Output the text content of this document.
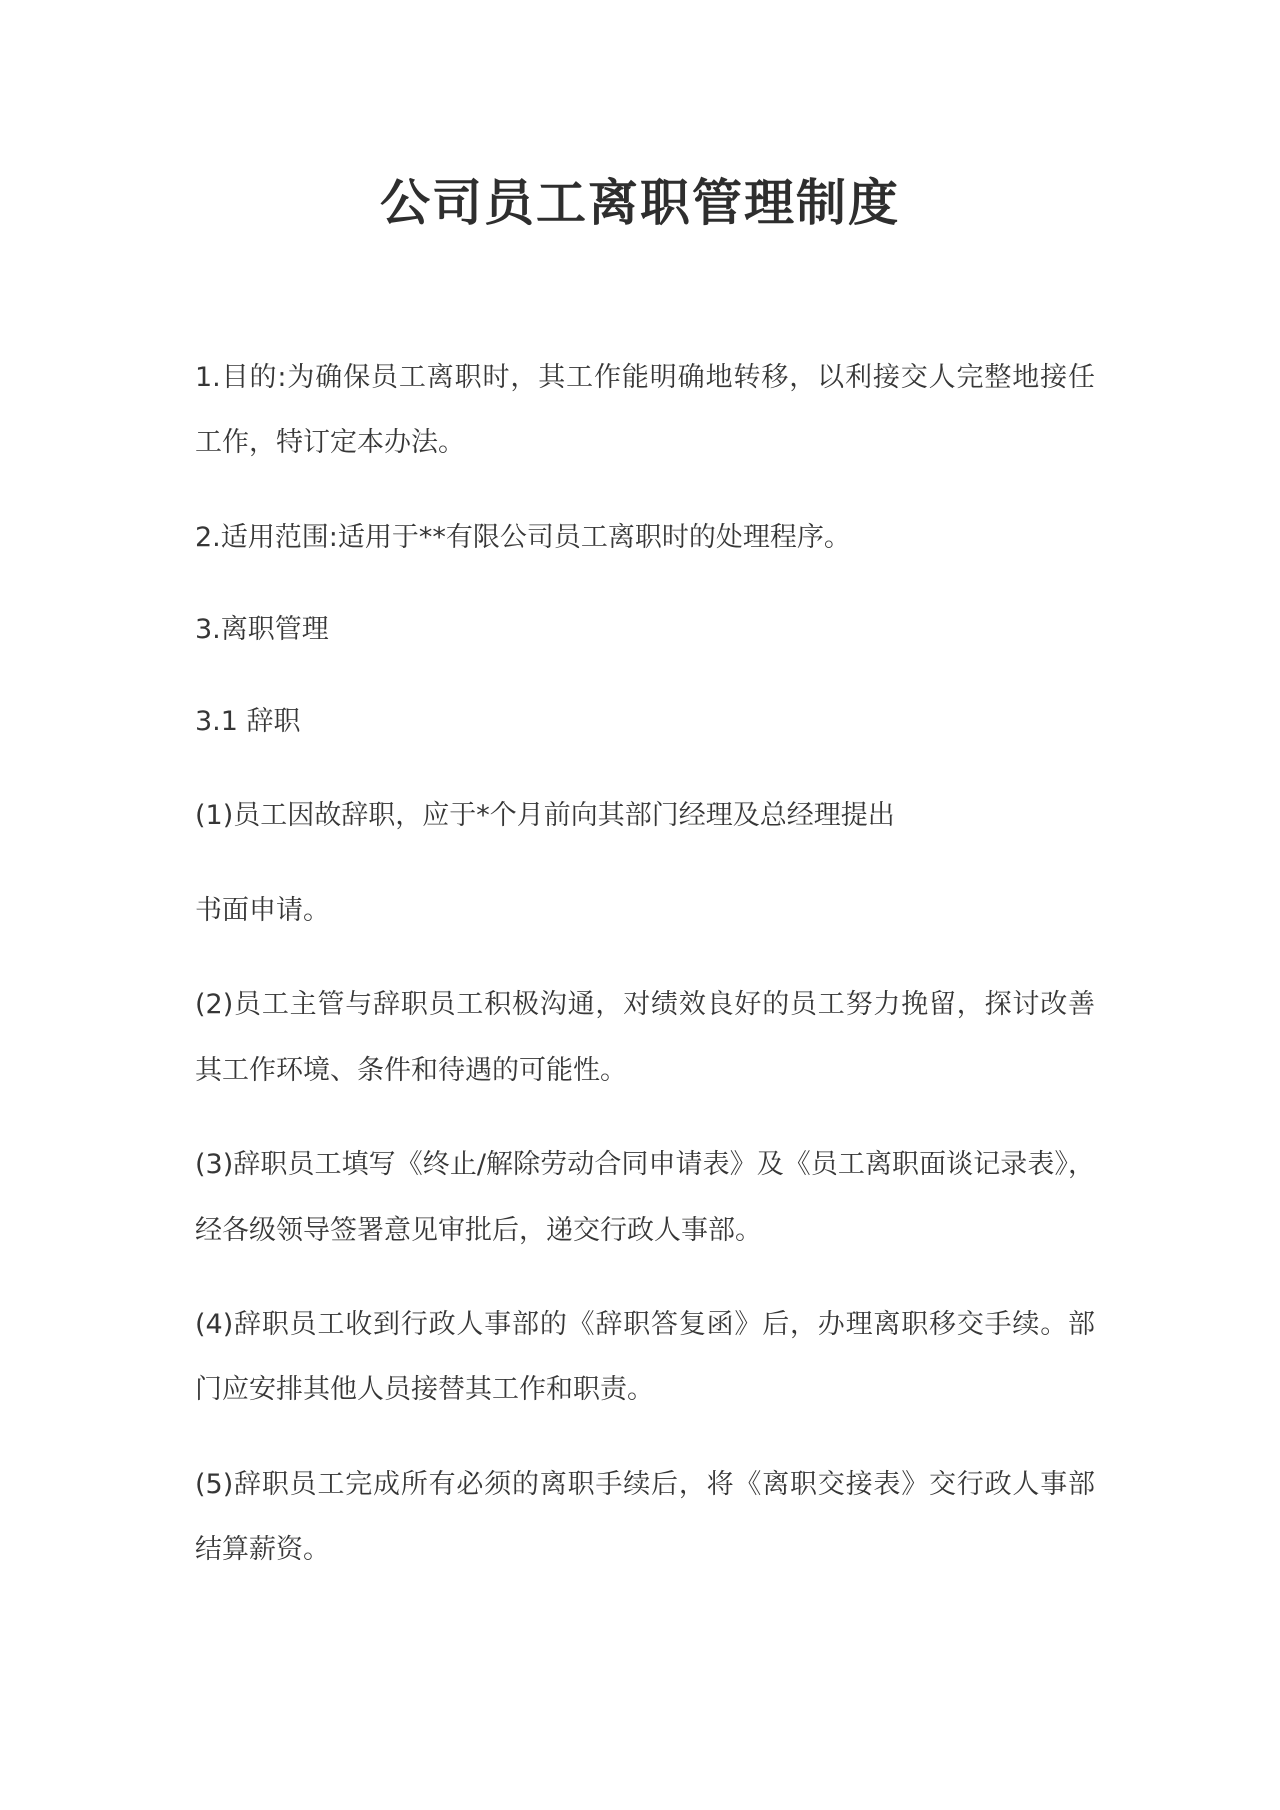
公司员工离职管理制度

1.目的:为确保员工离职时，其工作能明确地转移，以利接交人完整地接任

工作，特订定本办法。

2.适用范围:适用于**有限公司员工离职时的处理程序。

3.离职管理

3.1 辞职

(1)员工因故辞职，应于*个月前向其部门经理及总经理提出

书面申请。

(2)员工主管与辞职员工积极沟通，对绩效良好的员工努力挽留，探讨改善

其工作环境、条件和待遇的可能性。

(3)辞职员工填写《终止/解除劳动合同申请表》及《员工离职面谈记录表》，

经各级领导签署意见审批后，递交行政人事部。

(4)辞职员工收到行政人事部的《辞职答复函》后，办理离职移交手续。部

门应安排其他人员接替其工作和职责。

(5)辞职员工完成所有必须的离职手续后，将《离职交接表》交行政人事部

结算薪资。
